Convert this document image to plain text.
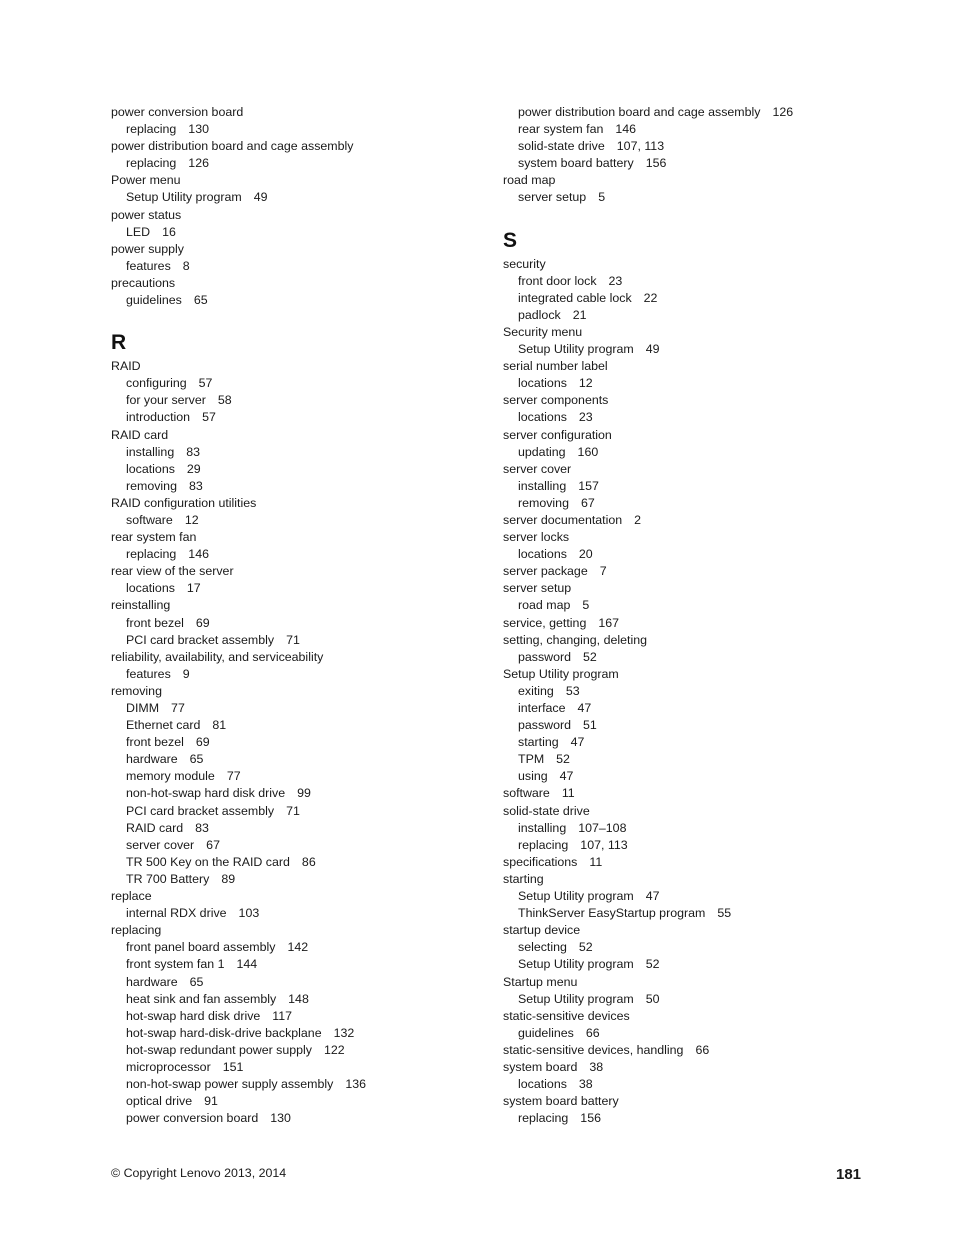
power conversion board
replacing 130
power distribution board and cage assembly
replacing 126
Power menu
Setup Utility program 49
power status
LED 16
power supply
features 8
precautions
guidelines 65
R
RAID
configuring 57
for your server 58
introduction 57
RAID card
installing 83
locations 29
removing 83
RAID configuration utilities
software 12
rear system fan
replacing 146
rear view of the server
locations 17
reinstalling
front bezel 69
PCI card bracket assembly 71
reliability, availability, and serviceability
features 9
removing
DIMM 77
Ethernet card 81
front bezel 69
hardware 65
memory module 77
non-hot-swap hard disk drive 99
PCI card bracket assembly 71
RAID card 83
server cover 67
TR 500 Key on the RAID card 86
TR 700 Battery 89
replace
internal RDX drive 103
replacing
front panel board assembly 142
front system fan 1 144
hardware 65
heat sink and fan assembly 148
hot-swap hard disk drive 117
hot-swap hard-disk-drive backplane 132
hot-swap redundant power supply 122
microprocessor 151
non-hot-swap power supply assembly 136
optical drive 91
power conversion board 130
power distribution board and cage assembly 126
rear system fan 146
solid-state drive 107, 113
system board battery 156
road map
server setup 5
S
security
front door lock 23
integrated cable lock 22
padlock 21
Security menu
Setup Utility program 49
serial number label
locations 12
server components
locations 23
server configuration
updating 160
server cover
installing 157
removing 67
server documentation 2
server locks
locations 20
server package 7
server setup
road map 5
service, getting 167
setting, changing, deleting
password 52
Setup Utility program
exiting 53
interface 47
password 51
starting 47
TPM 52
using 47
software 11
solid-state drive
installing 107–108
replacing 107, 113
specifications 11
starting
Setup Utility program 47
ThinkServer EasyStartup program 55
startup device
selecting 52
Setup Utility program 52
Startup menu
Setup Utility program 50
static-sensitive devices
guidelines 66
static-sensitive devices, handling 66
system board 38
locations 38
system board battery
replacing 156
© Copyright Lenovo 2013, 2014	181
